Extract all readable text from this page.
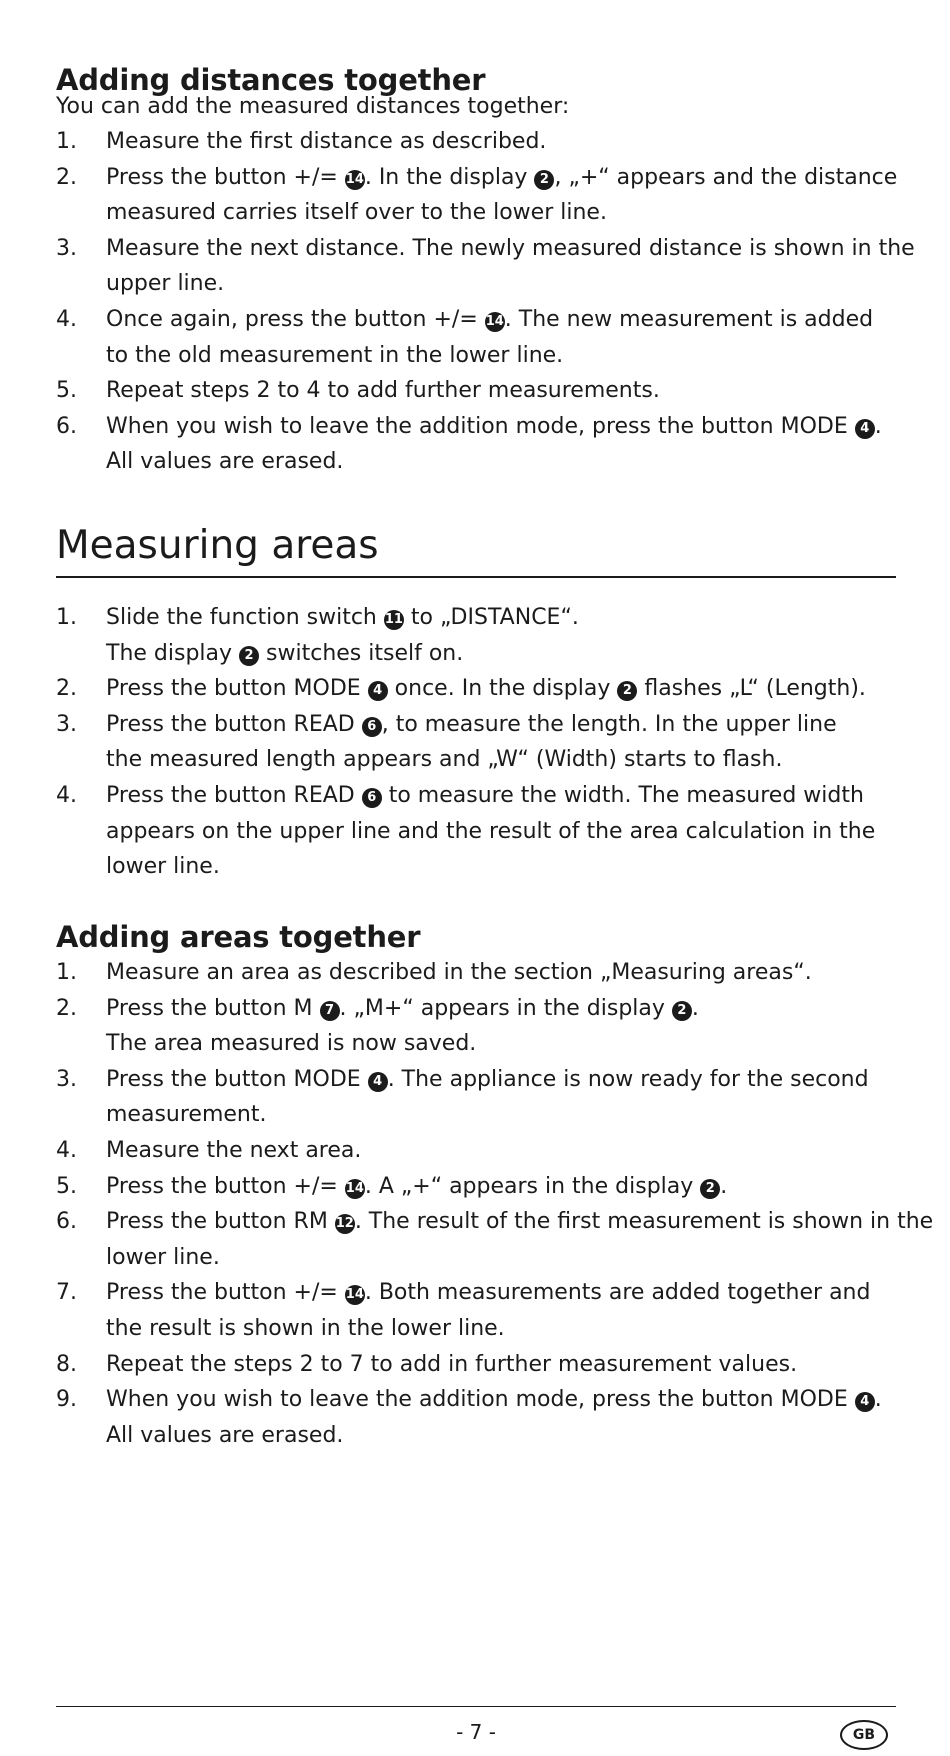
Adding distances together

You can add the measured distances together:

1. Measure the first distance as described.
2. Press the button +/= 14. In the display 2 , „+“ appears and the distance
measured carries itself over to the lower line.
3. Measure the next distance. The newly measured distance is shown in the
upper line.
4. Once again, press the button +/= 14. The new measurement is added
to the old measurement in the lower line.
5. Repeat steps 2 to 4 to add further measurements.
6. When you wish to leave the addition mode, press the button MODE 4 .
All values are erased.
Measuring areas
1. Slide the function switch 11 to „DISTANCE“.
The display 2 switches itself on.
2. Press the button MODE 4 once. In the display 2 flashes „L“ (Length).
3. Press the button READ 6 , to measure the length. In the upper line
the measured length appears and „W“ (Width) starts to flash.
4. Press the button READ 6 to measure the width. The measured width
appears on the upper line and the result of the area calculation in the
lower line.
Adding areas together
1. Measure an area as described in the section „Measuring areas“.
2. Press the button M 7 . „M+“ appears in the display 2 .
The area measured is now saved.
3. Press the button MODE 4 . The appliance is now ready for the second
measurement.
4. Measure the next area.
5. Press the button +/= 14. A „+“ appears in the display 2 .
6. Press the button RM 12. The result of the first measurement is shown in the
lower line.
7. Press the button +/= 14. Both measurements are added together and
the result is shown in the lower line.
8. Repeat the steps 2 to 7 to add in further measurement values.
9. When you wish to leave the addition mode, press the button MODE 4 .
All values are erased.
- 7 -	GB
